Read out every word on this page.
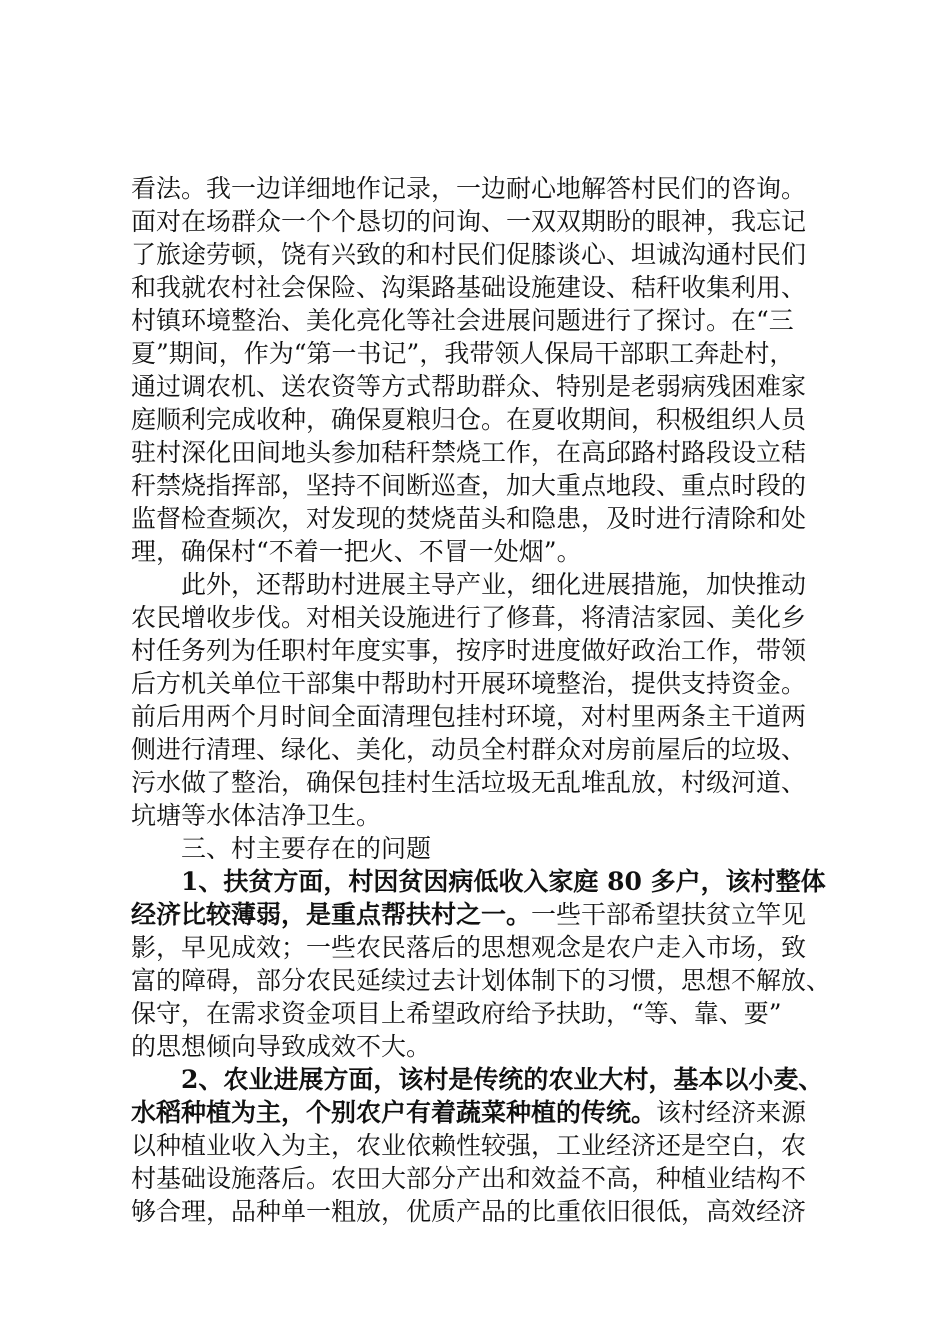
看法。我一边详细地作记录，一边耐心地解答村民们的咨询。
面对在场群众一个个恳切的问询、一双双期盼的眼神，我忘记
了旅途劳顿，饶有兴致的和村民们促膝谈心、坦诚沟通村民们
和我就农村社会保险、沟渠路基础设施建设、秸秆收集利用、
村镇环境整治、美化亮化等社会进展问题进行了探讨。在“三
夏”期间，作为“第一书记”，我带领人保局干部职工奔赴村，
通过调农机、送农资等方式帮助群众、特别是老弱病残困难家
庭顺利完成收种，确保夏粮归仓。在夏收期间，积极组织人员
驻村深化田间地头参加秸秆禁烧工作，在高邱路村路段设立秸
秆禁烧指挥部，坚持不间断巡查，加大重点地段、重点时段的
监督检查频次，对发现的焚烧苗头和隐患，及时进行清除和处
理，确保村“不着一把火、不冒一处烟”。
此外，还帮助村进展主导产业，细化进展措施，加快推动
农民增收步伐。对相关设施进行了修葺，将清洁家园、美化乡
村任务列为任职村年度实事，按序时进度做好政治工作，带领
后方机关单位干部集中帮助村开展环境整治，提供支持资金。
前后用两个月时间全面清理包挂村环境，对村里两条主干道两
侧进行清理、绿化、美化，动员全村群众对房前屋后的垃圾、
污水做了整治，确保包挂村生活垃圾无乱堆乱放，村级河道、
坑塘等水体洁净卫生。
三、村主要存在的问题
1、扶贫方面，村因贫因病低收入家庭 80 多户，该村整体
经济比较薄弱，是重点帮扶村之一。一些干部希望扶贫立竿见
影，早见成效；一些农民落后的思想观念是农户走入市场，致
富的障碍，部分农民延续过去计划体制下的习惯，思想不解放、
保守，在需求资金项目上希望政府给予扶助，“等、靠、要”
的思想倾向导致成效不大。
2、农业进展方面，该村是传统的农业大村，基本以小麦、
水稻种植为主，个别农户有着蔬菜种植的传统。该村经济来源
以种植业收入为主，农业依赖性较强，工业经济还是空白，农
村基础设施落后。农田大部分产出和效益不高，种植业结构不
够合理，品种单一粗放，优质产品的比重依旧很低，高效经济
